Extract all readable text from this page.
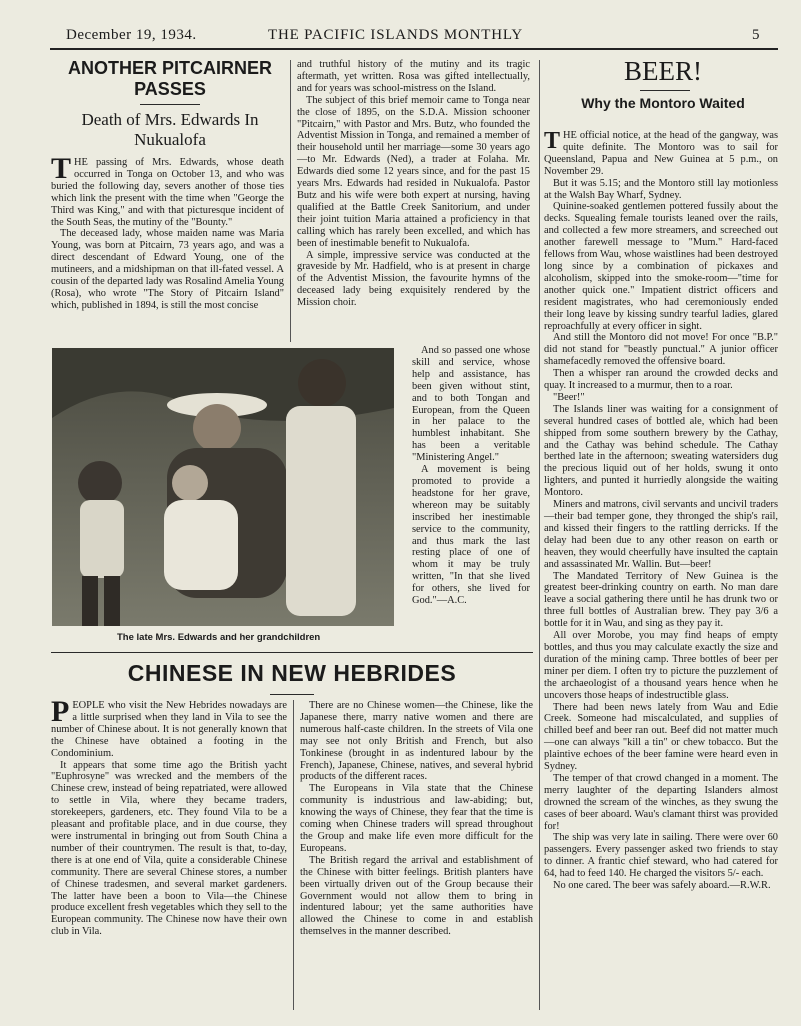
December 19, 1934.	THE PACIFIC ISLANDS MONTHLY	5
ANOTHER PITCAIRNER PASSES
Death of Mrs. Edwards In Nukualofa
T HE passing of Mrs. Edwards, whose death occurred in Tonga on October 13, and who was buried the following day, severs another of those ties which link the present with the time when "George the Third was King," and with that picturesque incident of the South Seas, the mutiny of the "Bounty."

The deceased lady, whose maiden name was Maria Young, was born at Pitcairn, 73 years ago, and was a direct descendant of Edward Young, one of the mutineers, and a midshipman on that ill-fated vessel. A cousin of the departed lady was Rosalind Amelia Young (Rosa), who wrote "The Story of Pitcairn Island" which, published in 1894, is still the most concise

and truthful history of the mutiny and its tragic aftermath, yet written. Rosa was gifted intellectually, and for years was school-mistress on the Island.

The subject of this brief memoir came to Tonga near the close of 1895, on the S.D.A. Mission schooner "Pitcairn," with Pastor and Mrs. Butz, who founded the Adventist Mission in Tonga, and remained a member of their household until her marriage—some 30 years ago—to Mr. Edwards (Ned), a trader at Folaha. Mr. Edwards died some 12 years since, and for the past 15 years Mrs. Edwards had resided in Nukualofa. Pastor Butz and his wife were both expert at nursing, having qualified at the Battle Creek Sanitorium, and under their joint tuition Maria attained a proficiency in that calling which has rarely been excelled, and which has been of inestimable benefit to Nukualofa.

A simple, impressive service was conducted at the graveside by Mr. Hadfield, who is at present in charge of the Adventist Mission, the favourite hymns of the deceased lady being exquisitely rendered by the Mission choir.

The late Mrs. Edwards and her grandchildren

And so passed one whose skill and service, whose help and assistance, has been given without stint, and to both Tongan and European, from the Queen in her palace to the humblest inhabitant. She has been a veritable "Ministering Angel."

A movement is being promoted to provide a headstone for her grave, whereon may be suitably inscribed her inestimable service to the community, and thus mark the last resting place of one of whom it may be truly written, "In that she lived for others, she lived for God."—A.C.

BEER!
Why the Montoro Waited
T HE official notice, at the head of the gangway, was quite definite. The Montoro was to sail for Queensland, Papua and New Guinea at 5 p.m., on November 29.

But it was 5.15; and the Montoro still lay motionless at the Walsh Bay Wharf, Sydney.

Quinine-soaked gentlemen pottered fussily about the decks. Squealing female tourists leaned over the rails, and collected a few more streamers, and screeched out another farewell message to "Mum." Hard-faced fellows from Wau, whose waistlines had been destroyed long since by a combination of pickaxes and alcoholism, skipped into the smoke-room—"time for another quick one." Impatient district officers and resident magistrates, who had ceremoniously ended their long leave by kissing sundry tearful ladies, glared reproachfully at every officer in sight.

And still the Montoro did not move! For once "B.P." did not stand for "beastly punctual." A junior officer shamefacedly removed the offensive board.

Then a whisper ran around the crowded decks and quay. It increased to a murmur, then to a roar.

"Beer!"

The Islands liner was waiting for a consignment of several hundred cases of bottled ale, which had been shipped from some southern brewery by the Cathay, and the Cathay was behind schedule. The Cathay berthed late in the afternoon; sweating watersiders dug the precious liquid out of her holds, swung it onto lighters, and punted it hurriedly alongside the waiting Montoro.

Miners and matrons, civil servants and uncivil traders—their bad temper gone, they thronged the ship's rail, and kissed their fingers to the rattling derricks. If the delay had been due to any other reason on earth or heaven, they would cheerfully have insulted the captain and assassinated Mr. Wallin. But—beer!

The Mandated Territory of New Guinea is the greatest beer-drinking country on earth. No man dare leave a social gathering there until he has drunk two or three full bottles of Australian brew. They pay 3/6 a bottle for it in Wau, and sing as they pay it.

All over Morobe, you may find heaps of empty bottles, and thus you may calculate exactly the size and duration of the mining camp. Three bottles of beer per miner per diem. I often try to picture the puzzlement of the archaeologist of a thousand years hence when he uncovers those heaps of indestructible glass.

There had been news lately from Wau and Edie Creek. Someone had miscalculated, and supplies of chilled beef and beer ran out. Beef did not matter much—one can always "kill a tin" or chew tobacco. But the plaintive echoes of the beer famine were heard even in Sydney.

The temper of that crowd changed in a moment. The merry laughter of the departing Islanders almost drowned the scream of the winches, as they swung the cases of beer aboard. Wau's clamant thirst was provided for!

The ship was very late in sailing. There were over 60 passengers. Every passenger asked two friends to stay to dinner. A frantic chief steward, who had catered for 64, had to feed 140. He charged the visitors 5/- each.

No one cared. The beer was safely aboard.—R.W.R.

CHINESE IN NEW HEBRIDES
P EOPLE who visit the New Hebrides nowadays are a little surprised when they land in Vila to see the number of Chinese about. It is not generally known that the Chinese have obtained a footing in the Condominium.

It appears that some time ago the British yacht "Euphrosyne" was wrecked and the members of the Chinese crew, instead of being repatriated, were allowed to settle in Vila, where they became traders, storekeepers, gardeners, etc. They found Vila to be a pleasant and profitable place, and in due course, they were instrumental in bringing out from South China a number of their countrymen. The result is that, to-day, there is at one end of Vila, quite a considerable Chinese community. There are several Chinese stores, a number of Chinese tradesmen, and several market gardeners. The latter have been a boon to Vila—the Chinese produce excellent fresh vegetables which they sell to the European community. The Chinese now have their own club in Vila.

There are no Chinese women—the Chinese, like the Japanese there, marry native women and there are numerous half-caste children. In the streets of Vila one may see not only British and French, but also Tonkinese (brought in as indentured labour by the French), Japanese, Chinese, natives, and several hybrid products of the different races.

The Europeans in Vila state that the Chinese community is industrious and law-abiding; but, knowing the ways of Chinese, they fear that the time is coming when Chinese traders will spread throughout the Group and make life even more difficult for the Europeans.

The British regard the arrival and establishment of the Chinese with bitter feelings. British planters have been virtually driven out of the Group because their Government would not allow them to bring in indentured labour; yet the same authorities have allowed the Chinese to come in and establish themselves in the manner described.
